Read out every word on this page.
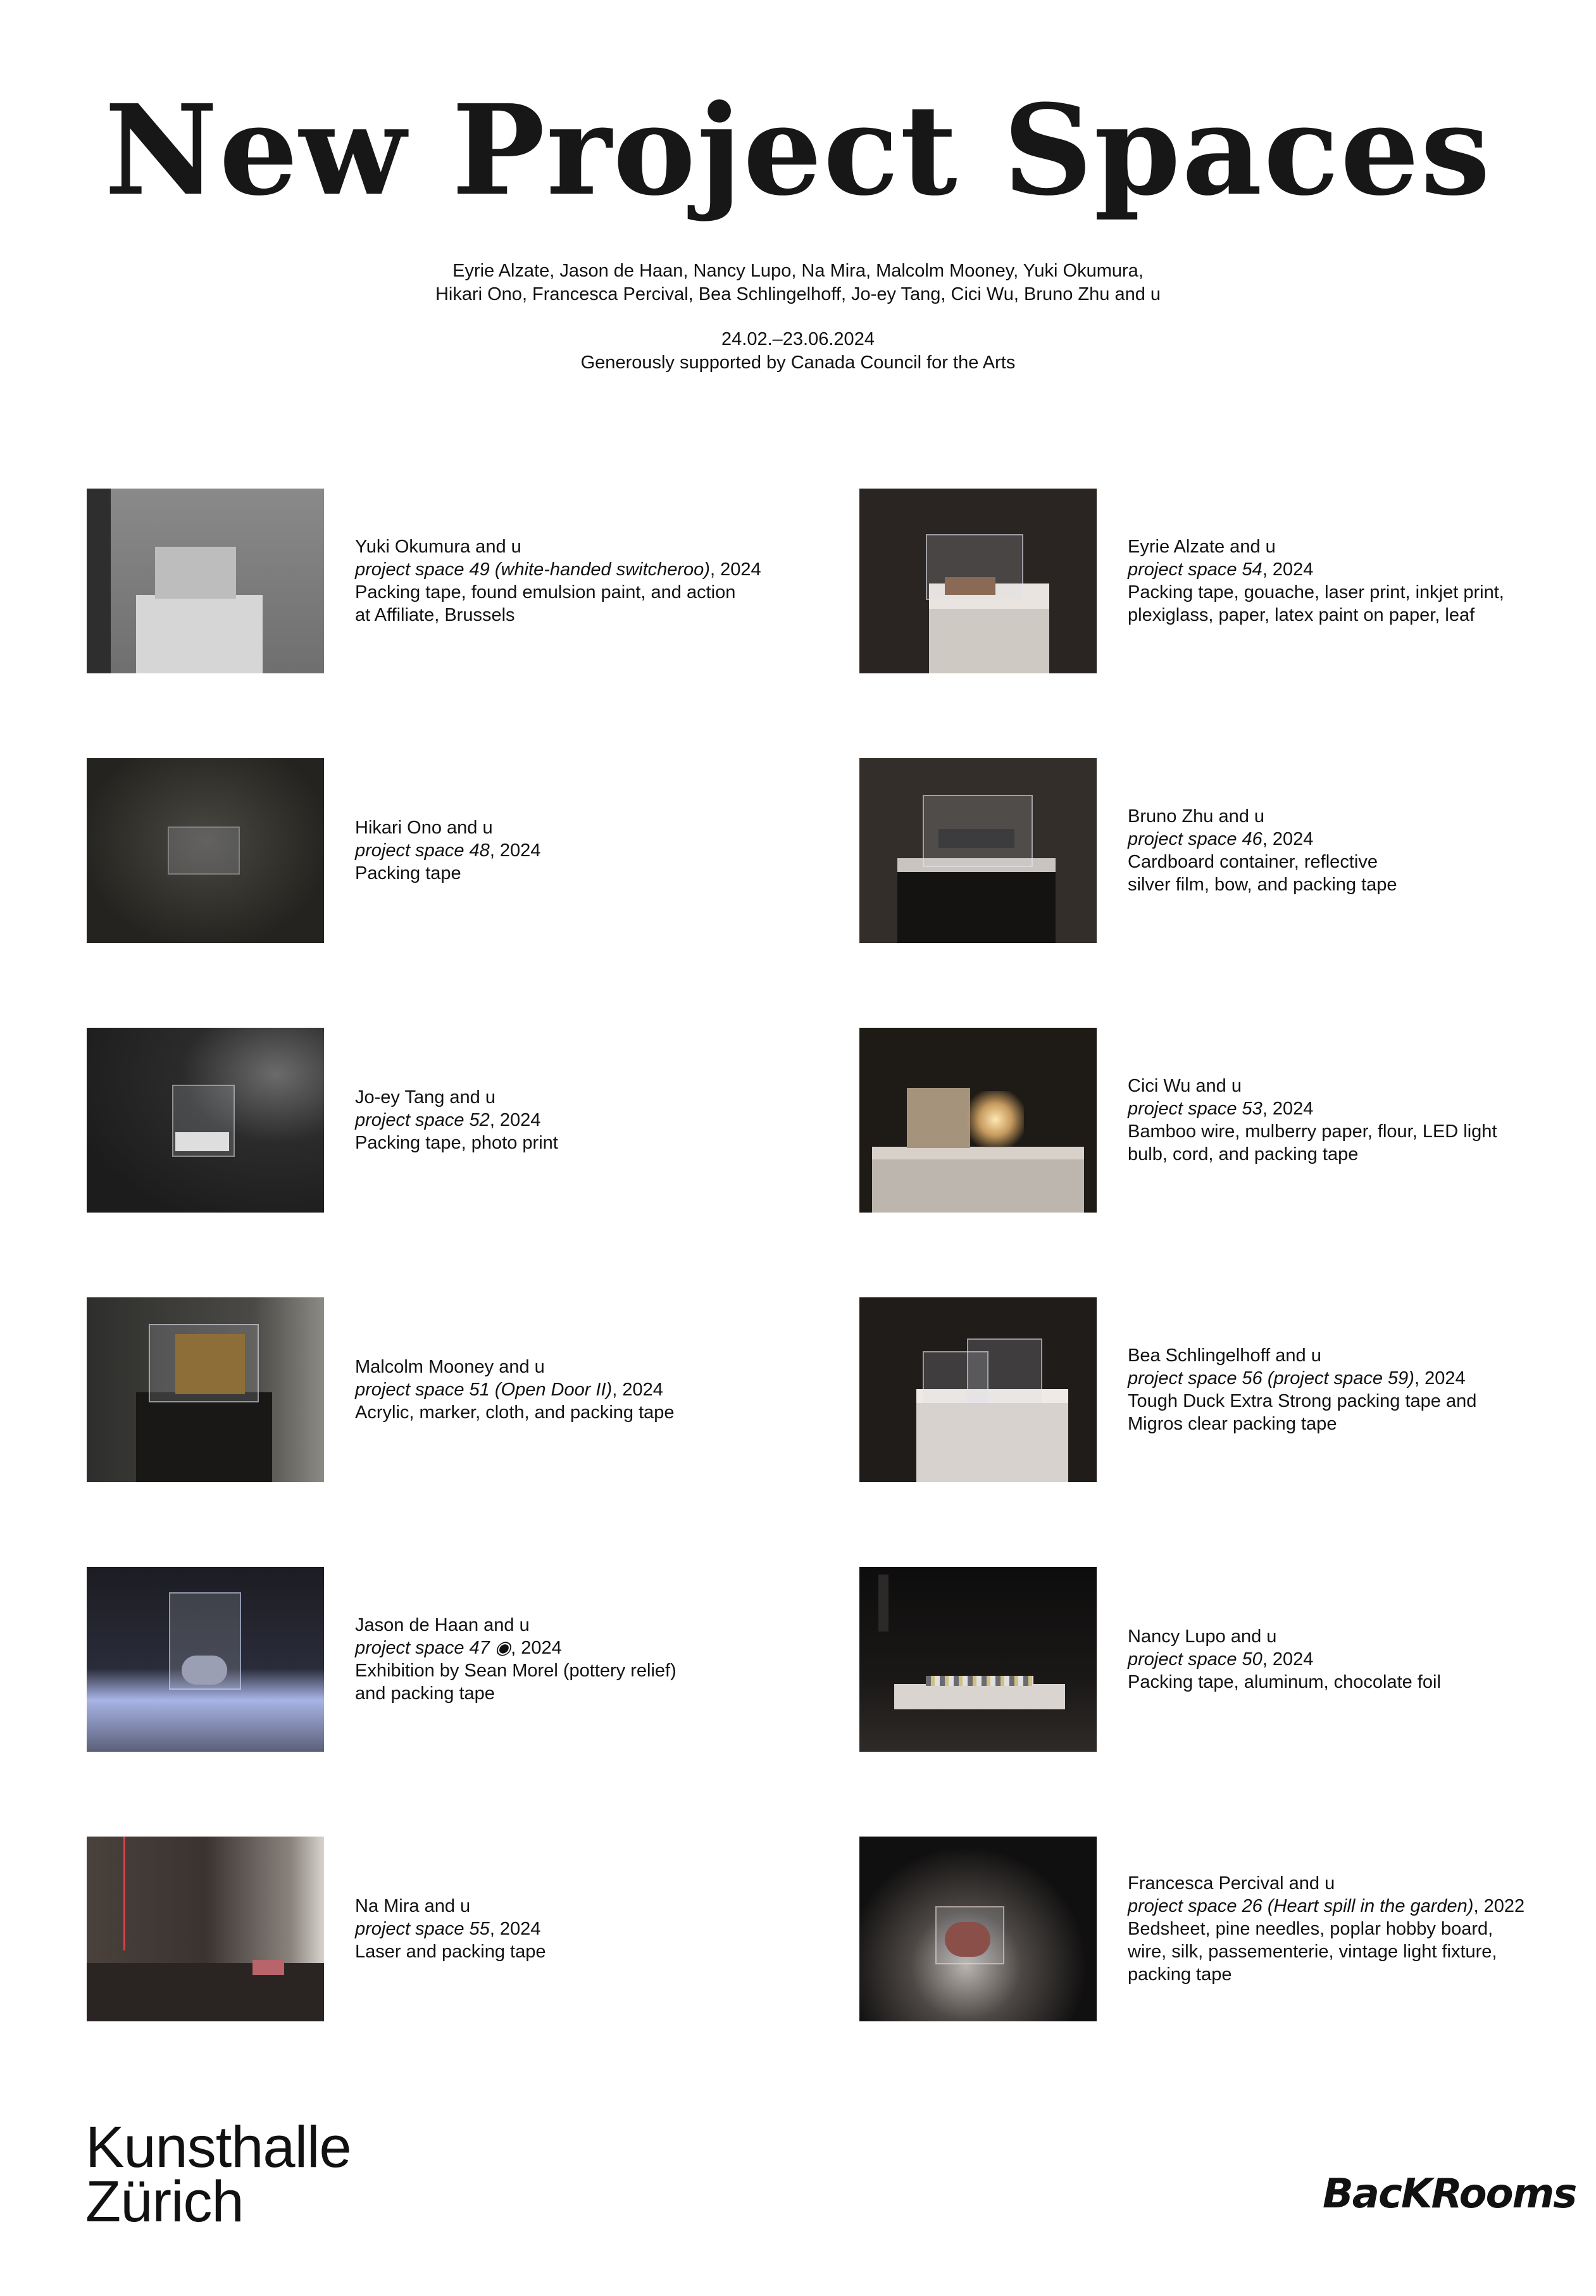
New Project Spaces
Eyrie Alzate, Jason de Haan, Nancy Lupo, Na Mira, Malcolm Mooney, Yuki Okumura,
Hikari Ono, Francesca Percival, Bea Schlingelhoff, Jo-ey Tang, Cici Wu, Bruno Zhu and u
24.02.–23.06.2024
Generously supported by Canada Council for the Arts
Yuki Okumura and u
project space 49 (white-handed switcheroo), 2024
Packing tape, found emulsion paint, and action
at Affiliate, Brussels
Eyrie Alzate and u
project space 54, 2024
Packing tape, gouache, laser print, inkjet print,
plexiglass, paper, latex paint on paper, leaf
Hikari Ono and u
project space 48, 2024
Packing tape
Bruno Zhu and u
project space 46, 2024
Cardboard container, reflective
silver film, bow, and packing tape
Jo-ey Tang and u
project space 52, 2024
Packing tape, photo print
Cici Wu and u
project space 53, 2024
Bamboo wire, mulberry paper, flour, LED light
bulb, cord, and packing tape
Malcolm Mooney and u
project space 51 (Open Door II), 2024
Acrylic, marker, cloth, and packing tape
Bea Schlingelhoff and u
project space 56 (project space 59), 2024
Tough Duck Extra Strong packing tape and
Migros clear packing tape
Jason de Haan and u
project space 47 ◉, 2024
Exhibition by Sean Morel (pottery relief)
and packing tape
Nancy Lupo and u
project space 50, 2024
Packing tape, aluminum, chocolate foil
Na Mira and u
project space 55, 2024
Laser and packing tape
Francesca Percival and u
project space 26 (Heart spill in the garden), 2022
Bedsheet, pine needles, poplar hobby board,
wire, silk, passementerie, vintage light fixture,
packing tape
Kunsthalle
Zürich	BacKRooms
